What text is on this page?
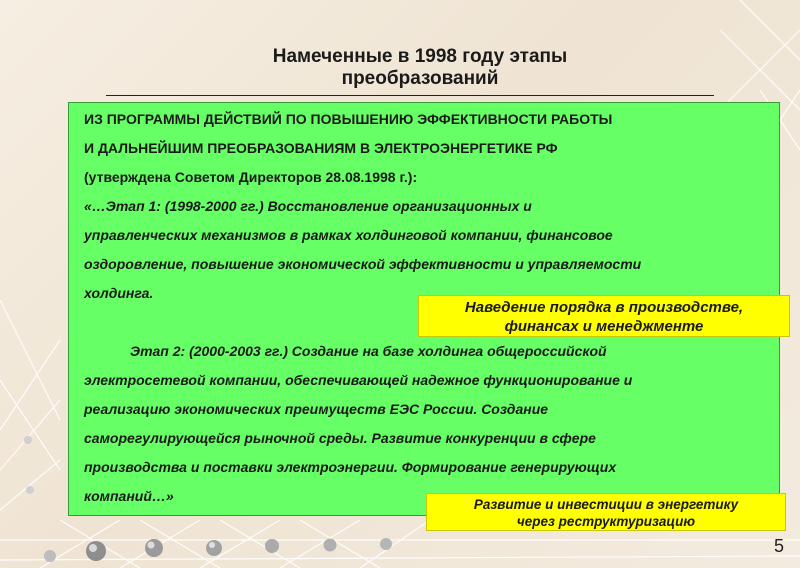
Намеченные в 1998 году этапы
преобразований
ИЗ ПРОГРАММЫ ДЕЙСТВИЙ ПО ПОВЫШЕНИЮ ЭФФЕКТИВНОСТИ РАБОТЫ
И ДАЛЬНЕЙШИМ ПРЕОБРАЗОВАНИЯМ В ЭЛЕКТРОЭНЕРГЕТИКЕ РФ
(утверждена Советом Директоров 28.08.1998 г.):
«…Этап 1: (1998-2000 гг.) Восстановление организационных и
управленческих механизмов в рамках холдинговой компании, финансовое
оздоровление, повышение экономической эффективности и управляемости
холдинга.
Этап 2: (2000-2003 гг.) Создание на базе холдинга общероссийской
электросетевой компании, обеспечивающей надежное функционирование и
реализацию экономических преимуществ ЕЭС России. Создание
саморегулирующейся рыночной среды. Развитие конкуренции в сфере
производства и поставки электроэнергии. Формирование генерирующих
компаний…»
Наведение порядка в производстве,
финансах и менеджменте
Развитие и инвестиции в энергетику
через реструктуризацию
5
